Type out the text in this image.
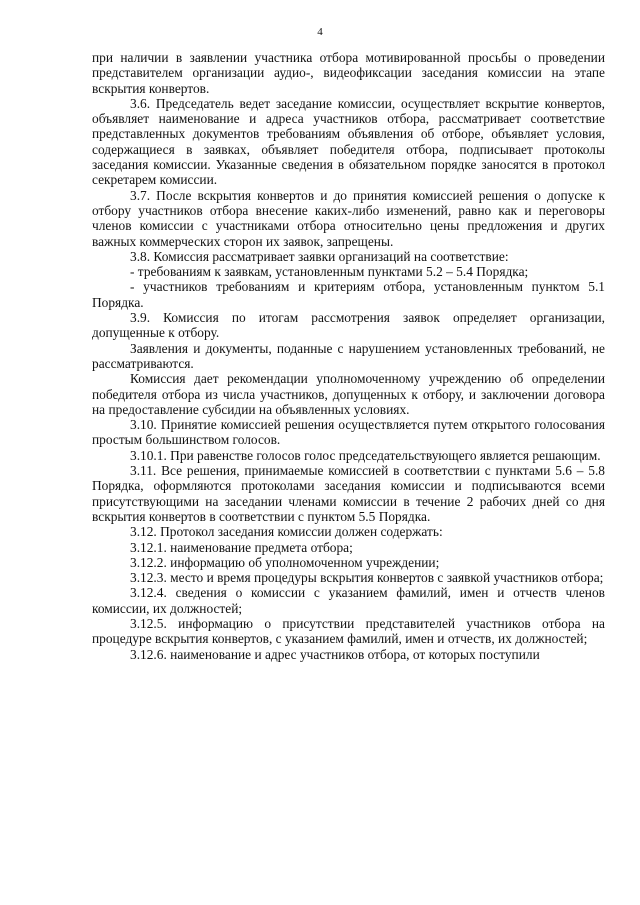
4

при наличии в заявлении участника отбора мотивированной просьбы о проведении представителем организации аудио-, видеофиксации заседания комиссии на этапе вскрытия конвертов.

3.6. Председатель ведет заседание комиссии, осуществляет вскрытие конвертов, объявляет наименование и адреса участников отбора, рассматривает соответствие представленных документов требованиям объявления об отборе, объявляет условия, содержащиеся в заявках, объявляет победителя отбора, подписывает протоколы заседания комиссии. Указанные сведения в обязательном порядке заносятся в протокол секретарем комиссии.

3.7. После вскрытия конвертов и до принятия комиссией решения о допуске к отбору участников отбора внесение каких-либо изменений, равно как и переговоры членов комиссии с участниками отбора относительно цены предложения и других важных коммерческих сторон их заявок, запрещены.

3.8. Комиссия рассматривает заявки организаций на соответствие:

- требованиям к заявкам, установленным пунктами 5.2 – 5.4 Порядка;

- участников требованиям и критериям отбора, установленным пунктом 5.1 Порядка.

3.9. Комиссия по итогам рассмотрения заявок определяет организации, допущенные к отбору.

Заявления и документы, поданные с нарушением установленных требований, не рассматриваются.

Комиссия дает рекомендации уполномоченному учреждению об определении победителя отбора из числа участников, допущенных к отбору, и заключении договора на предоставление субсидии на объявленных условиях.

3.10. Принятие комиссией решения осуществляется путем открытого голосования простым большинством голосов.

3.10.1. При равенстве голосов голос председательствующего является решающим.

3.11. Все решения, принимаемые комиссией в соответствии с пунктами 5.6 – 5.8 Порядка, оформляются протоколами заседания комиссии и подписываются всеми присутствующими на заседании членами комиссии в течение 2 рабочих дней со дня вскрытия конвертов в соответствии с пунктом 5.5 Порядка.

3.12. Протокол заседания комиссии должен содержать:

3.12.1. наименование предмета отбора;

3.12.2. информацию об уполномоченном учреждении;

3.12.3. место и время процедуры вскрытия конвертов с заявкой участников отбора;

3.12.4. сведения о комиссии с указанием фамилий, имен и отчеств членов комиссии, их должностей;

3.12.5. информацию о присутствии представителей участников отбора на процедуре вскрытия конвертов, с указанием фамилий, имен и отчеств, их должностей;

3.12.6. наименование и адрес участников отбора, от которых поступили
